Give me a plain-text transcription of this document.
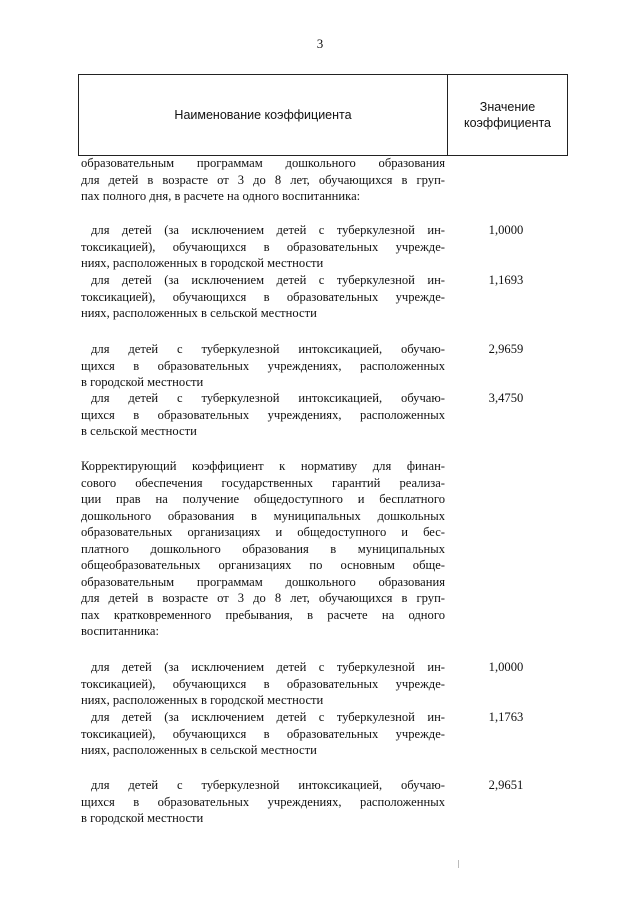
3
Наименование коэффициента
Значение коэффициента
образовательным программам дошкольного образования
для детей в возрасте от 3 до 8 лет, обучающихся в груп-
пах полного дня, в расчете на одного воспитанника:
для детей (за исключением детей с туберкулезной ин-
токсикацией), обучающихся в образовательных учрежде-
ниях, расположенных в городской местности
1,0000
для детей (за исключением детей с туберкулезной ин-
токсикацией), обучающихся в образовательных учрежде-
ниях, расположенных в сельской местности
1,1693
для детей с туберкулезной интоксикацией, обучаю-
щихся в образовательных учреждениях, расположенных
в городской местности
2,9659
для детей с туберкулезной интоксикацией, обучаю-
щихся в образовательных учреждениях, расположенных
в сельской местности
3,4750
Корректирующий коэффициент к нормативу для финан-
сового обеспечения государственных гарантий реализа-
ции прав на получение общедоступного и бесплатного
дошкольного образования в муниципальных дошкольных
образовательных организациях и общедоступного и бес-
платного дошкольного образования в муниципальных
общеобразовательных организациях по основным обще-
образовательным программам дошкольного образования
для детей в возрасте от 3 до 8 лет, обучающихся в груп-
пах кратковременного пребывания, в расчете на одного
воспитанника:
для детей (за исключением детей с туберкулезной ин-
токсикацией), обучающихся в образовательных учрежде-
ниях, расположенных в городской местности
1,0000
для детей (за исключением детей с туберкулезной ин-
токсикацией), обучающихся в образовательных учрежде-
ниях, расположенных в сельской местности
1,1763
для детей с туберкулезной интоксикацией, обучаю-
щихся в образовательных учреждениях, расположенных
в городской местности
2,9651
